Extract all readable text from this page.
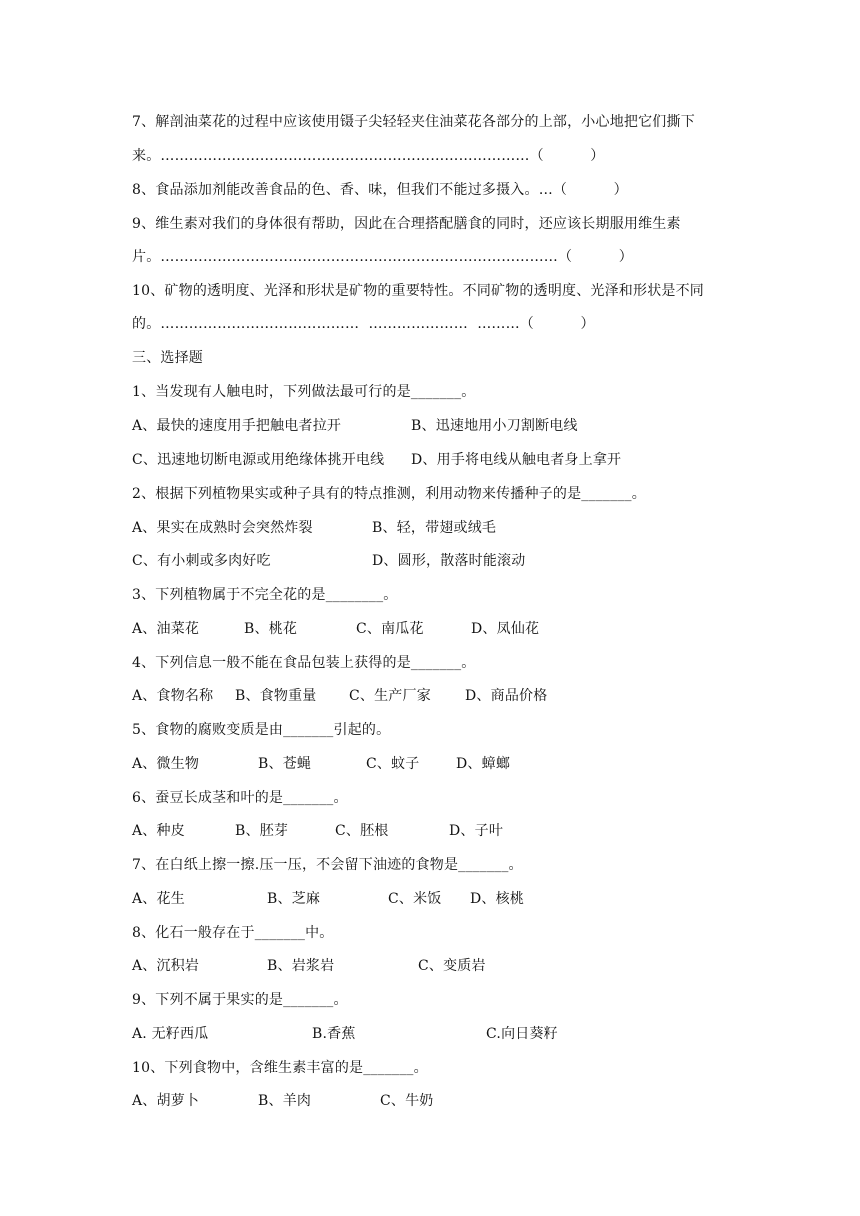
7、解剖油菜花的过程中应该使用镊子尖轻轻夹住油菜花各部分的上部，小心地把它们撕下
来。……………………………………………………………………（          ）
8、食品添加剂能改善食品的色、香、味，但我们不能过多摄入。…（          ）
9、维生素对我们的身体很有帮助，因此在合理搭配膳食的同时，还应该长期服用维生素
片。…………………………………………………………………………（          ）
10、矿物的透明度、光泽和形状是矿物的重要特性。不同矿物的透明度、光泽和形状是不同
的。……………………………………  …………………  ………（          ）
三、选择题
1、当发现有人触电时，下列做法最可行的是_______。
A、最快的速度用手把触电者拉开	B、迅速地用小刀割断电线
C、迅速地切断电源或用绝缘体挑开电线 D、用手将电线从触电者身上拿开
2、根据下列植物果实或种子具有的特点推测，利用动物来传播种子的是_______。
A、果实在成熟时会突然炸裂	B、轻，带翅或绒毛
C、有小刺或多肉好吃	D、圆形，散落时能滚动
3、下列植物属于不完全花的是________。
A、油菜花	B、桃花	C、南瓜花	D、凤仙花
4、下列信息一般不能在食品包装上获得的是_______。
A、食物名称 B、食物重量 C、生产厂家 D、商品价格
5、食物的腐败变质是由_______引起的。
A、微生物	B、苍蝇	C、蚊子	D、蟑螂
6、蚕豆长成茎和叶的是_______。
A、种皮	B、胚芽	C、胚根	D、子叶
7、在白纸上擦一擦.压一压，不会留下油迹的食物是_______。
A、花生	B、芝麻	C、米饭 D、核桃
8、化石一般存在于_______中。
A、沉积岩	B、岩浆岩	C、变质岩
9、下列不属于果实的是_______。
A. 无籽西瓜	B.香蕉	C.向日葵籽
10、下列食物中，含维生素丰富的是_______。
A、胡萝卜	B、羊肉	C、牛奶
